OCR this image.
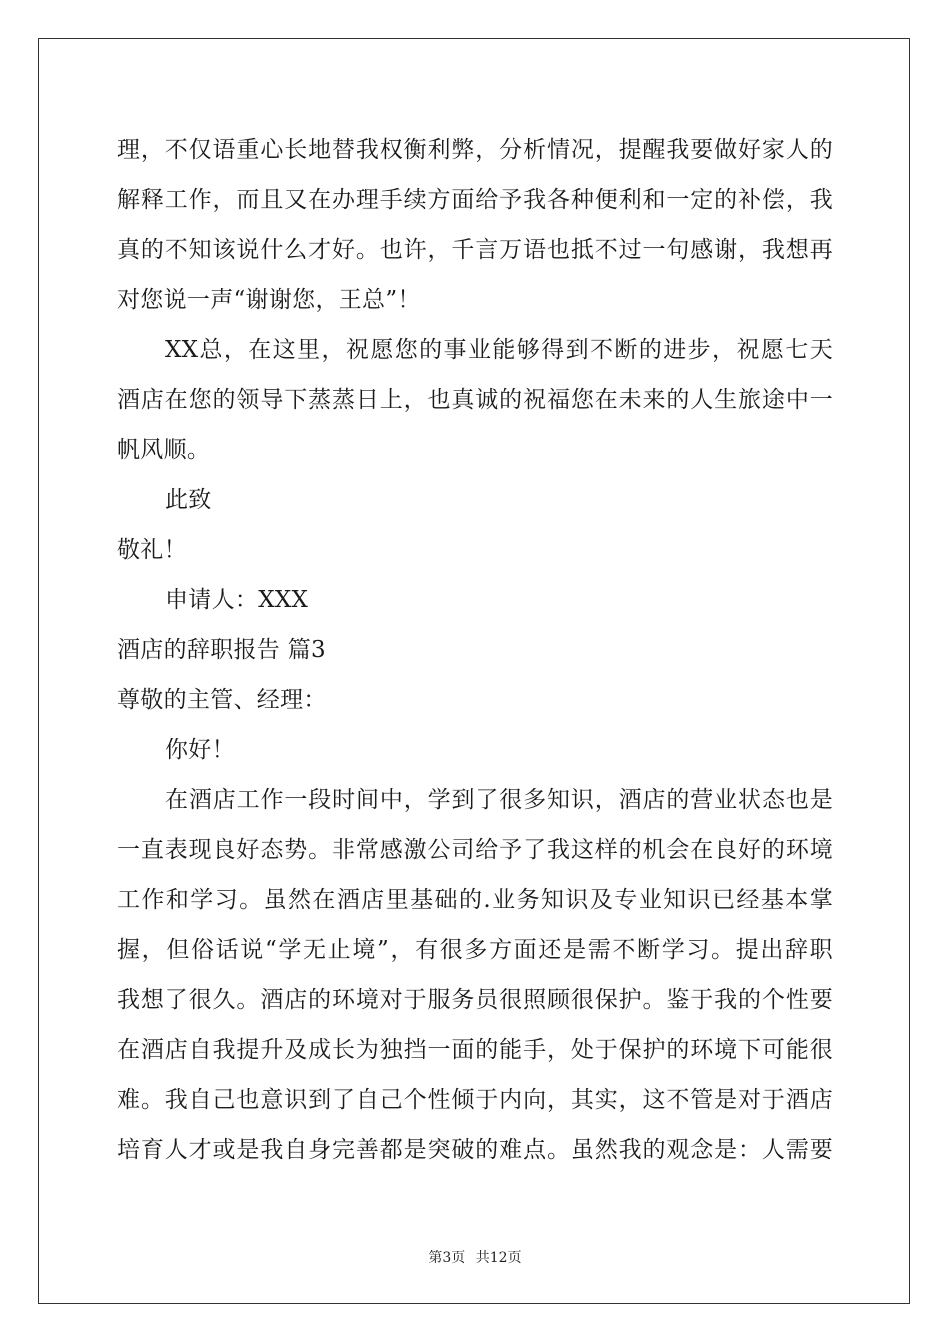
理，不仅语重心长地替我权衡利弊，分析情况，提醒我要做好家人的
解释工作，而且又在办理手续方面给予我各种便利和一定的补偿，我
真的不知该说什么才好。也许，千言万语也抵不过一句感谢，我想再
对您说一声“谢谢您，王总”！
XX总，在这里，祝愿您的事业能够得到不断的进步，祝愿七天
酒店在您的领导下蒸蒸日上，也真诚的祝福您在未来的人生旅途中一
帆风顺。
此致
敬礼！
申请人：XXX
酒店的辞职报告 篇3
尊敬的主管、经理：
你好！
在酒店工作一段时间中，学到了很多知识，酒店的营业状态也是
一直表现良好态势。非常感激公司给予了我这样的机会在良好的环境
工作和学习。虽然在酒店里基础的.业务知识及专业知识已经基本掌
握，但俗话说“学无止境”，有很多方面还是需不断学习。提出辞职
我想了很久。酒店的环境对于服务员很照顾很保护。鉴于我的个性要
在酒店自我提升及成长为独挡一面的能手，处于保护的环境下可能很
难。我自己也意识到了自己个性倾于内向，其实，这不管是对于酒店
培育人才或是我自身完善都是突破的难点。虽然我的观念是：人需要
第3页 共12页
